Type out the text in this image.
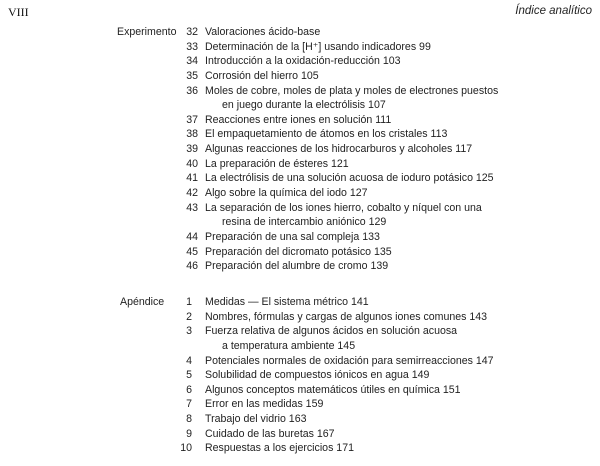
VIII	Índice analítico
Experimento 32 Valoraciones ácido-base
33 Determinación de la [H⁺] usando indicadores 99
34 Introducción a la oxidación-reducción 103
35 Corrosión del hierro 105
36 Moles de cobre, moles de plata y moles de electrones puestos
en juego durante la electrólisis 107
37 Reacciones entre iones en solución 111
38 El empaquetamiento de átomos en los cristales 113
39 Algunas reacciones de los hidrocarburos y alcoholes 117
40 La preparación de ésteres 121
41 La electrólisis de una solución acuosa de ioduro potásico 125
42 Algo sobre la química del iodo 127
43 La separación de los iones hierro, cobalto y níquel con una
resina de intercambio aniónico 129
44 Preparación de una sal compleja 133
45 Preparación del dicromato potásico 135
46 Preparación del alumbre de cromo 139
Apéndice 1 Medidas — El sistema métrico 141
2 Nombres, fórmulas y cargas de algunos iones comunes 143
3 Fuerza relativa de algunos ácidos en solución acuosa
a temperatura ambiente 145
4 Potenciales normales de oxidación para semirreacciones 147
5 Solubilidad de compuestos iónicos en agua 149
6 Algunos conceptos matemáticos útiles en química 151
7 Error en las medidas 159
8 Trabajo del vidrio 163
9 Cuidado de las buretas 167
10 Respuestas a los ejercicios 171
